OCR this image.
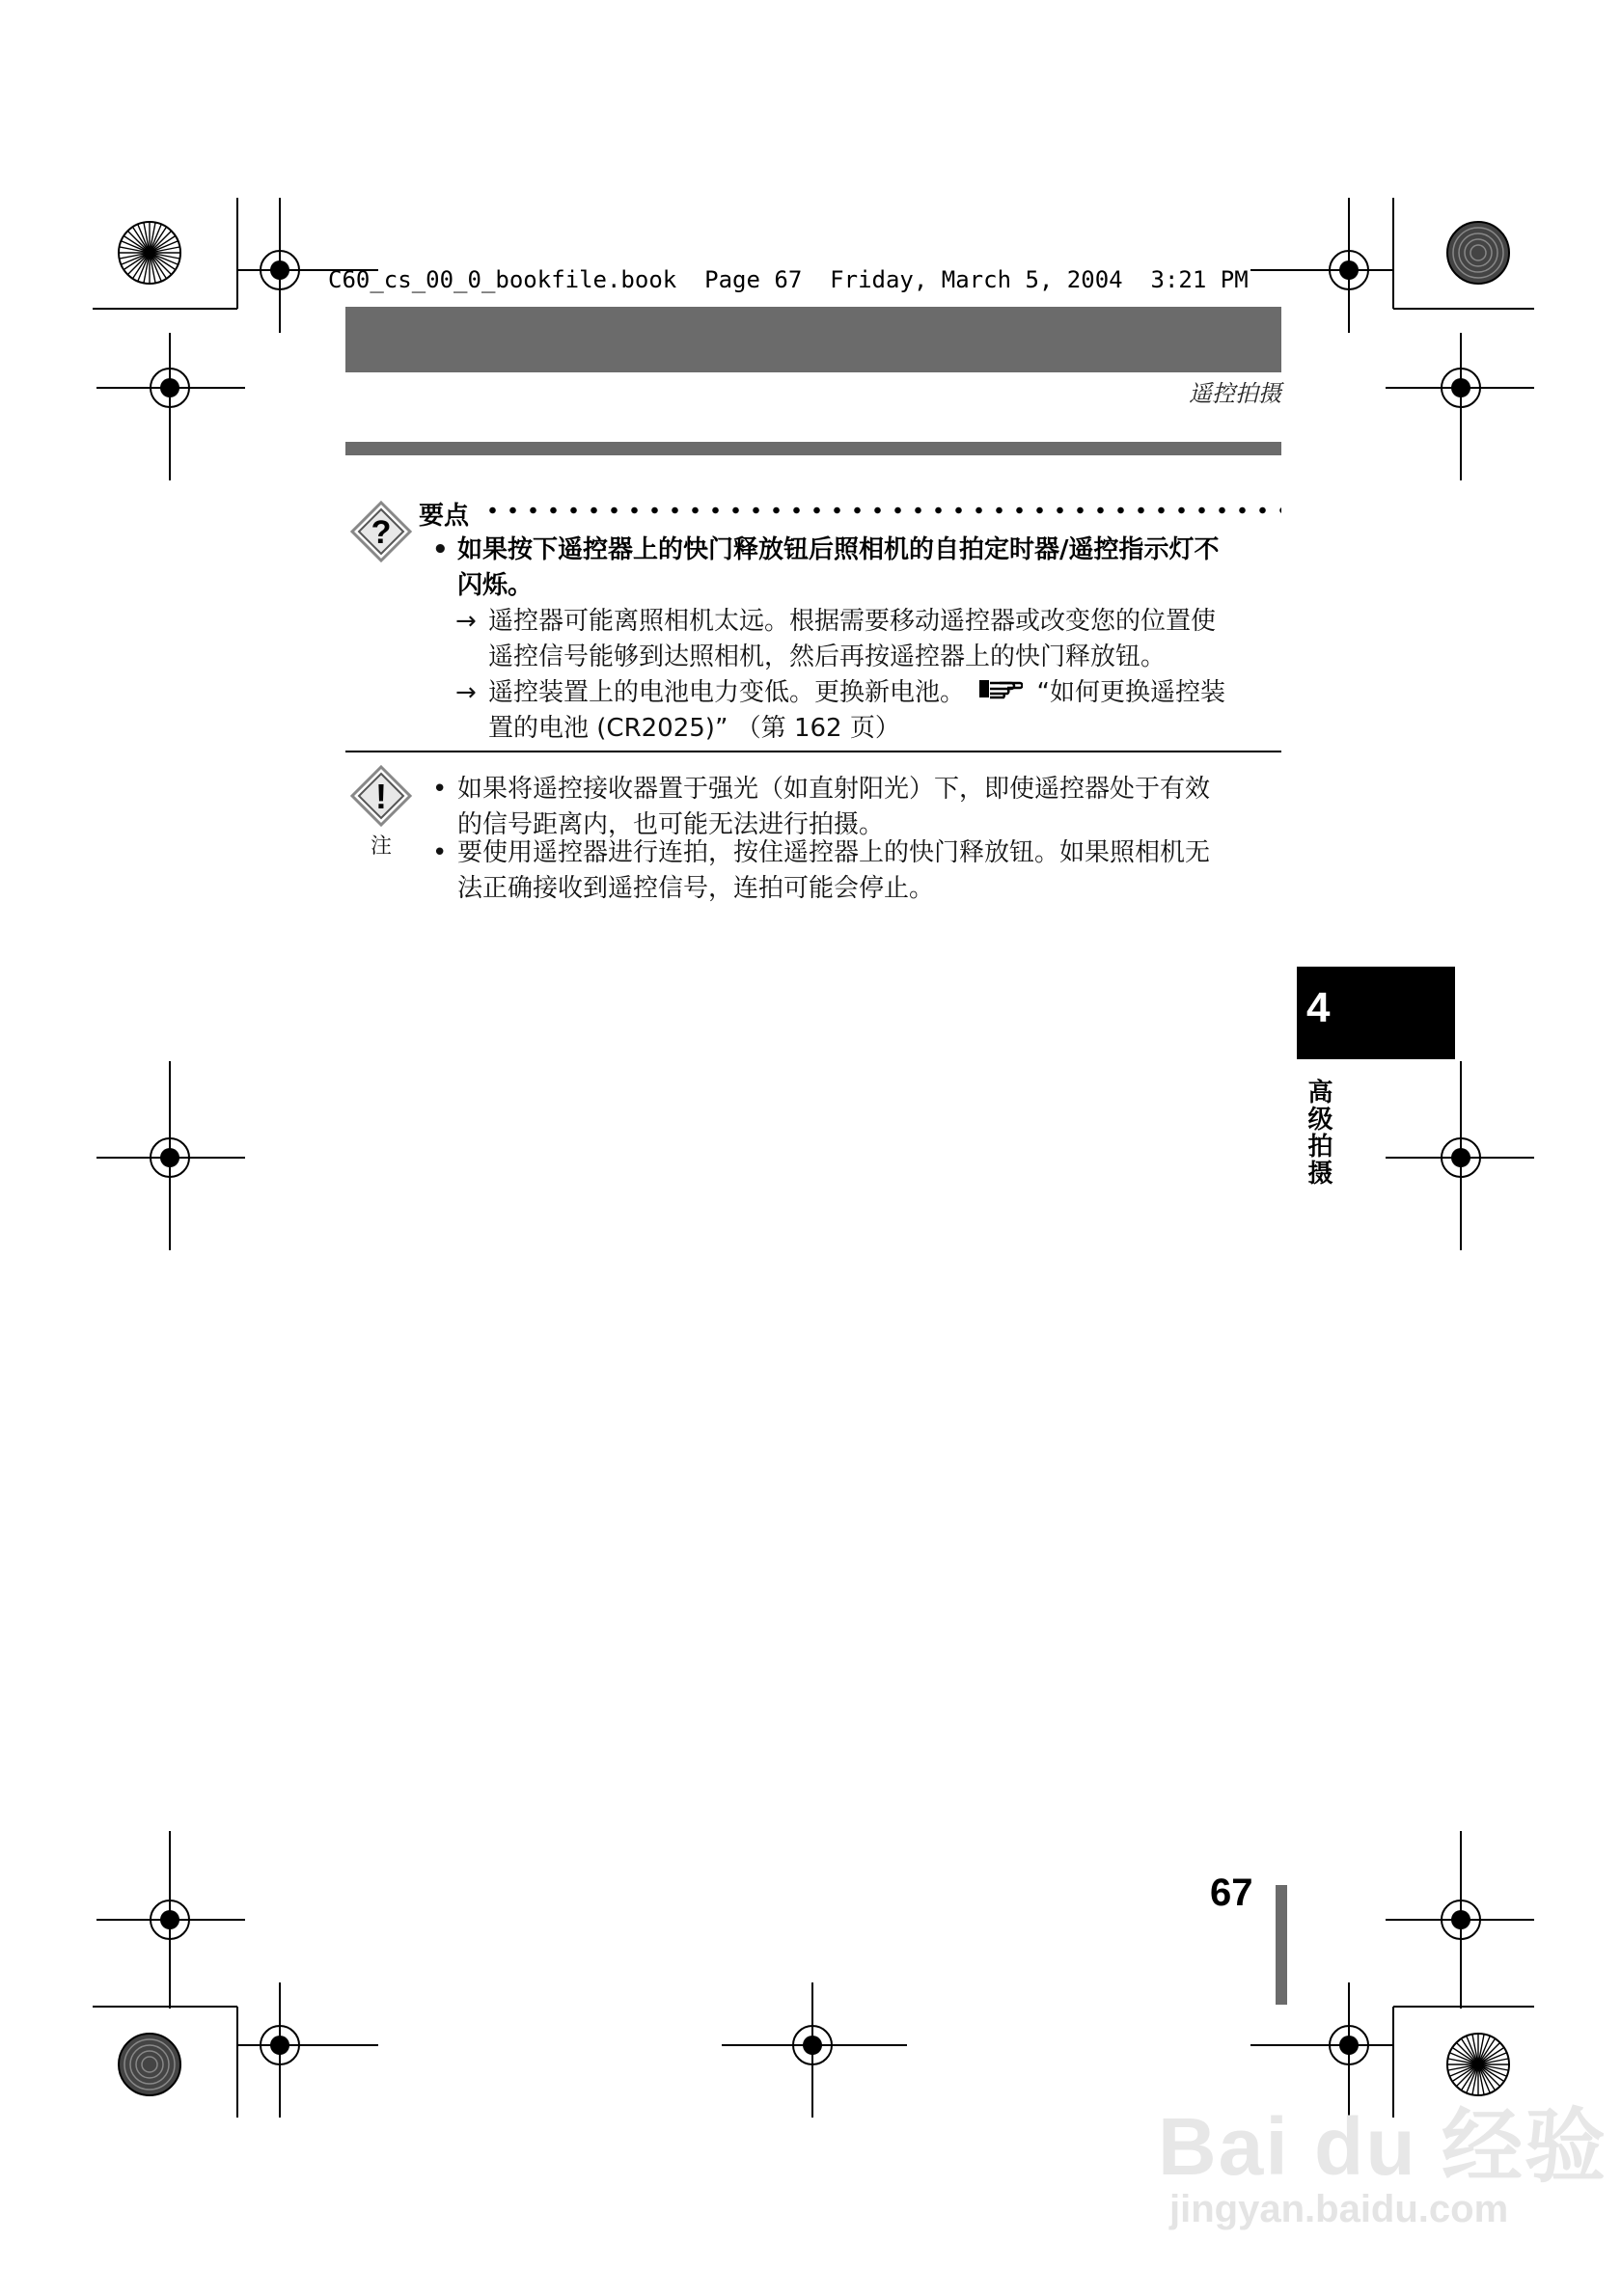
C60_cs_00_0_bookfile.book  Page 67  Friday, March 5, 2004  3:21 PM
遥控拍摄
? 要点
• 如果按下遥控器上的快门释放钮后照相机的自拍定时器/遥控指示灯不
闪烁。
→ 遥控器可能离照相机太远。根据需要移动遥控器或改变您的位置使
遥控信号能够到达照相机，然后再按遥控器上的快门释放钮。
→ 遥控装置上的电池电力变低。更换新电池。	“如何更换遥控装
置的电池 (CR2025)” （第 162 页）
!
注
• 如果将遥控接收器置于强光（如直射阳光）下，即使遥控器处于有效
的信号距离内，也可能无法进行拍摄。
• 要使用遥控器进行连拍，按住遥控器上的快门释放钮。如果照相机无
法正确接收到遥控信号，连拍可能会停止。
4
高级拍摄
67
Bai du 经验
jingyan.baidu.com
